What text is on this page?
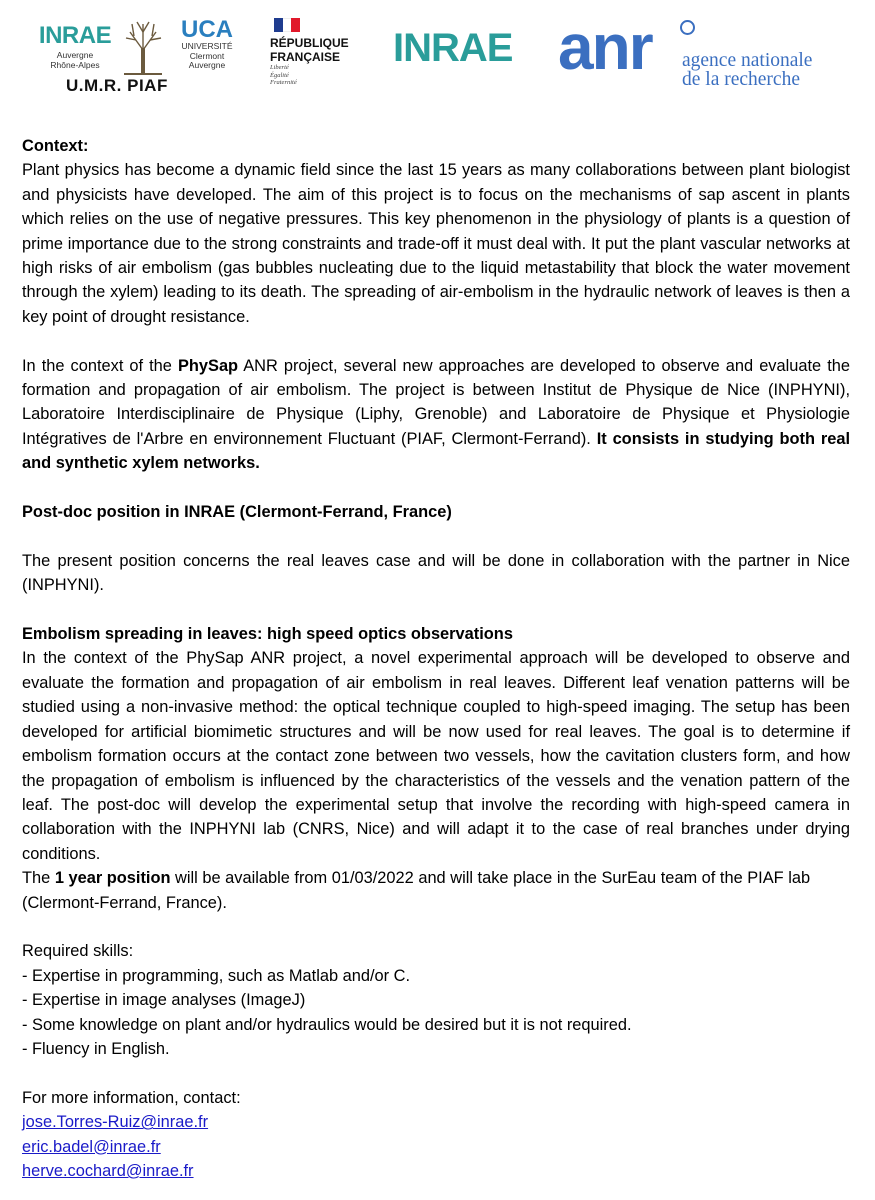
INRAE
Auvergne
Rhône-Alpes
UCA
UNIVERSITÉ
Clermont
Auvergne
U.M.R. PIAF
RÉPUBLIQUE
FRANÇAISE
Liberté
Égalité
Fraternité
INRAE anr agence nationale
de la recherche

Context:

Plant physics has become a dynamic field since the last 15 years as many collaborations between plant biologist and physicists have developed. The aim of this project is to focus on the mechanisms of sap ascent in plants which relies on the use of negative pressures. This key phenomenon in the physiology of plants is a question of prime importance due to the strong constraints and trade-off it must deal with. It put the plant vascular networks at high risks of air embolism (gas bubbles nucleating due to the liquid metastability that block the water movement through the xylem) leading to its death. The spreading of air-embolism in the hydraulic network of leaves is then a key point of drought resistance.

In the context of the PhySap ANR project, several new approaches are developed to observe and evaluate the formation and propagation of air embolism. The project is between Institut de Physique de Nice (INPHYNI), Laboratoire Interdisciplinaire de Physique (Liphy, Grenoble) and Laboratoire de Physique et Physiologie Intégratives de l'Arbre en environnement Fluctuant (PIAF, Clermont-Ferrand). It consists in studying both real and synthetic xylem networks.

Post-doc position in INRAE (Clermont-Ferrand, France)

The present position concerns the real leaves case and will be done in collaboration with the partner in Nice (INPHYNI).

Embolism spreading in leaves: high speed optics observations

In the context of the PhySap ANR project, a novel experimental approach will be developed to observe and evaluate the formation and propagation of air embolism in real leaves. Different leaf venation patterns will be studied using a non-invasive method: the optical technique coupled to high-speed imaging. The setup has been developed for artificial biomimetic structures and will be now used for real leaves. The goal is to determine if embolism formation occurs at the contact zone between two vessels, how the cavitation clusters form, and how the propagation of embolism is influenced by the characteristics of the vessels and the venation pattern of the leaf. The post-doc will develop the experimental setup that involve the recording with high-speed camera in collaboration with the INPHYNI lab (CNRS, Nice) and will adapt it to the case of real branches under drying conditions.

The 1 year position will be available from 01/03/2022 and will take place in the SurEau team of the PIAF lab (Clermont-Ferrand, France).

Required skills:

- Expertise in programming, such as Matlab and/or C.

- Expertise in image analyses (ImageJ)

- Some knowledge on plant and/or hydraulics would be desired but it is not required.

- Fluency in English.

For more information, contact:

jose.Torres-Ruiz@inrae.fr

eric.badel@inrae.fr

herve.cochard@inrae.fr
